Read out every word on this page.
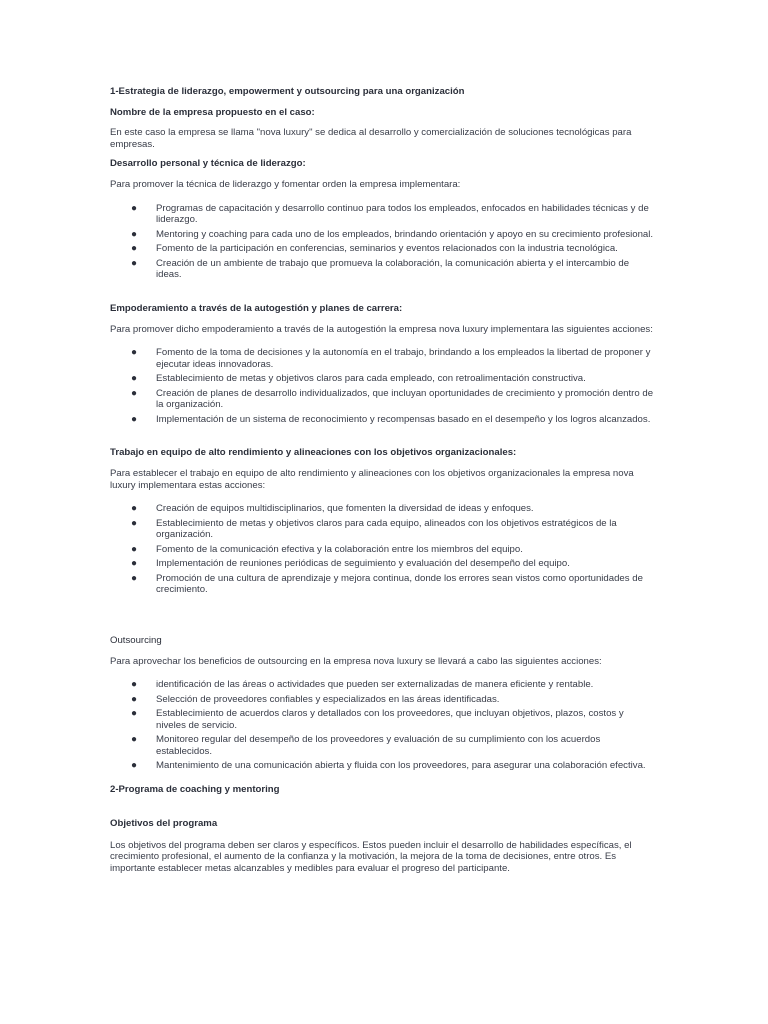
1-Estrategia de liderazgo, empowerment y outsourcing para una organización

Nombre de la empresa propuesto en el caso:

En este caso la empresa se llama "nova luxury" se dedica al desarrollo y comercialización de soluciones tecnológicas para empresas.

Desarrollo personal y técnica de liderazgo:

Para promover la técnica de liderazgo y fomentar orden la empresa implementara:

● Programas de capacitación y desarrollo continuo para todos los empleados, enfocados en habilidades técnicas y de liderazgo.
● Mentoring y coaching para cada uno de los empleados, brindando orientación y apoyo en su crecimiento profesional.
● Fomento de la participación en conferencias, seminarios y eventos relacionados con la industria tecnológica.
● Creación de un ambiente de trabajo que promueva la colaboración, la comunicación abierta y el intercambio de ideas.

Empoderamiento a través de la autogestión y planes de carrera:

Para promover dicho empoderamiento a través de la autogestión la empresa nova luxury implementara las siguientes acciones:

● Fomento de la toma de decisiones y la autonomía en el trabajo, brindando a los empleados la libertad de proponer y ejecutar ideas innovadoras.
● Establecimiento de metas y objetivos claros para cada empleado, con retroalimentación constructiva.
● Creación de planes de desarrollo individualizados, que incluyan oportunidades de crecimiento y promoción dentro de la organización.
● Implementación de un sistema de reconocimiento y recompensas basado en el desempeño y los logros alcanzados.

Trabajo en equipo de alto rendimiento y alineaciones con los objetivos organizacionales:

Para establecer el trabajo en equipo de alto rendimiento y alineaciones con los objetivos organizacionales la empresa nova luxury implementara estas acciones:

● Creación de equipos multidisciplinarios, que fomenten la diversidad de ideas y enfoques.
● Establecimiento de metas y objetivos claros para cada equipo, alineados con los objetivos estratégicos de la organización.
● Fomento de la comunicación efectiva y la colaboración entre los miembros del equipo.
● Implementación de reuniones periódicas de seguimiento y evaluación del desempeño del equipo.
● Promoción de una cultura de aprendizaje y mejora continua, donde los errores sean vistos como oportunidades de crecimiento.

Outsourcing

Para aprovechar los beneficios de outsourcing en la empresa nova luxury se llevará a cabo las siguientes acciones:

● identificación de las áreas o actividades que pueden ser externalizadas de manera eficiente y rentable.
● Selección de proveedores confiables y especializados en las áreas identificadas.
● Establecimiento de acuerdos claros y detallados con los proveedores, que incluyan objetivos, plazos, costos y niveles de servicio.
● Monitoreo regular del desempeño de los proveedores y evaluación de su cumplimiento con los acuerdos establecidos.
● Mantenimiento de una comunicación abierta y fluida con los proveedores, para asegurar una colaboración efectiva.

2-Programa de coaching y mentoring

Objetivos del programa

Los objetivos del programa deben ser claros y específicos. Estos pueden incluir el desarrollo de habilidades específicas, el crecimiento profesional, el aumento de la confianza y la motivación, la mejora de la toma de decisiones, entre otros. Es importante establecer metas alcanzables y medibles para evaluar el progreso del participante.
